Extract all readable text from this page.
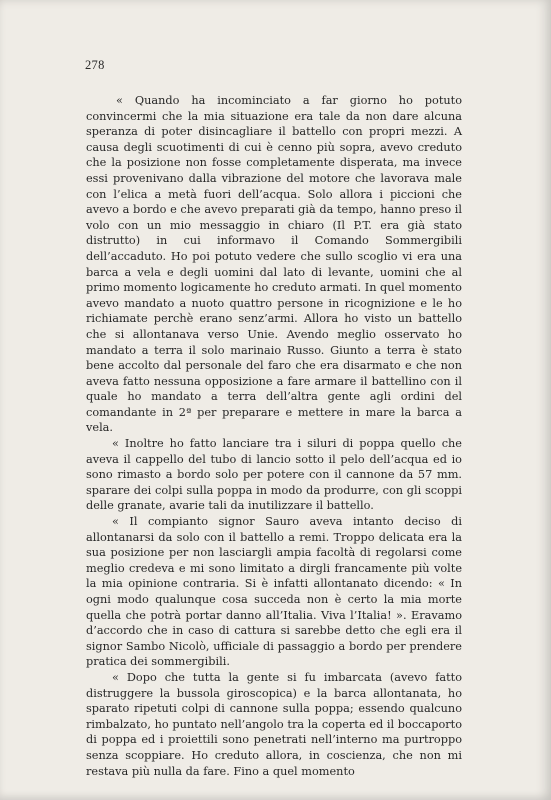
278

« Quando ha incominciato a far giorno ho potuto convincermi che la mia situazione era tale da non dare alcuna speranza di poter disincagliare il battello con propri mezzi. A causa degli scuotimenti di cui è cenno più sopra, avevo creduto che la posizione non fosse completamente disperata, ma invece essi provenivano dalla vibrazione del motore che lavorava male con l’elica a metà fuori dell’acqua. Solo allora i piccioni che avevo a bordo e che avevo preparati già da tempo, hanno preso il volo con un mio messaggio in chiaro (Il P.T. era già stato distrutto) in cui informavo il Comando Sommergibili dell’accaduto. Ho poi potuto vedere che sullo scoglio vi era una barca a vela e degli uomini dal lato di levante, uomini che al primo momento logicamente ho creduto armati. In quel momento avevo mandato a nuoto quattro persone in ricognizione e le ho richiamate perchè erano senz’armi. Allora ho visto un battello che si allontanava verso Unie. Avendo meglio osservato ho mandato a terra il solo marinaio Russo. Giunto a terra è stato bene accolto dal personale del faro che era disarmato e che non aveva fatto nessuna opposizione a fare armare il battellino con il quale ho mandato a terra dell’altra gente agli ordini del comandante in 2ª per preparare e mettere in mare la barca a vela.

« Inoltre ho fatto lanciare tra i siluri di poppa quello che aveva il cappello del tubo di lancio sotto il pelo dell’acqua ed io sono rimasto a bordo solo per potere con il cannone da 57 mm. sparare dei colpi sulla poppa in modo da produrre, con gli scoppi delle granate, avarie tali da inutilizzare il battello.

« Il compianto signor Sauro aveva intanto deciso di allontanarsi da solo con il battello a remi. Troppo delicata era la sua posizione per non lasciargli ampia facoltà di regolarsi come meglio credeva e mi sono limitato a dirgli francamente più volte la mia opinione contraria. Si è infatti allontanato dicendo: « In ogni modo qualunque cosa succeda non è certo la mia morte quella che potrà portar danno all’Italia. Viva l’Italia! ». Eravamo d’accordo che in caso di cattura si sarebbe detto che egli era il signor Sambo Nicolò, ufficiale di passaggio a bordo per prendere pratica dei sommergibili.

« Dopo che tutta la gente si fu imbarcata (avevo fatto distruggere la bussola giroscopica) e la barca allontanata, ho sparato ripetuti colpi di cannone sulla poppa; essendo qualcuno rimbalzato, ho puntato nell’angolo tra la coperta ed il boccaporto di poppa ed i proiettili sono penetrati nell’interno ma purtroppo senza scoppiare. Ho creduto allora, in coscienza, che non mi restava più nulla da fare. Fino a quel momento
